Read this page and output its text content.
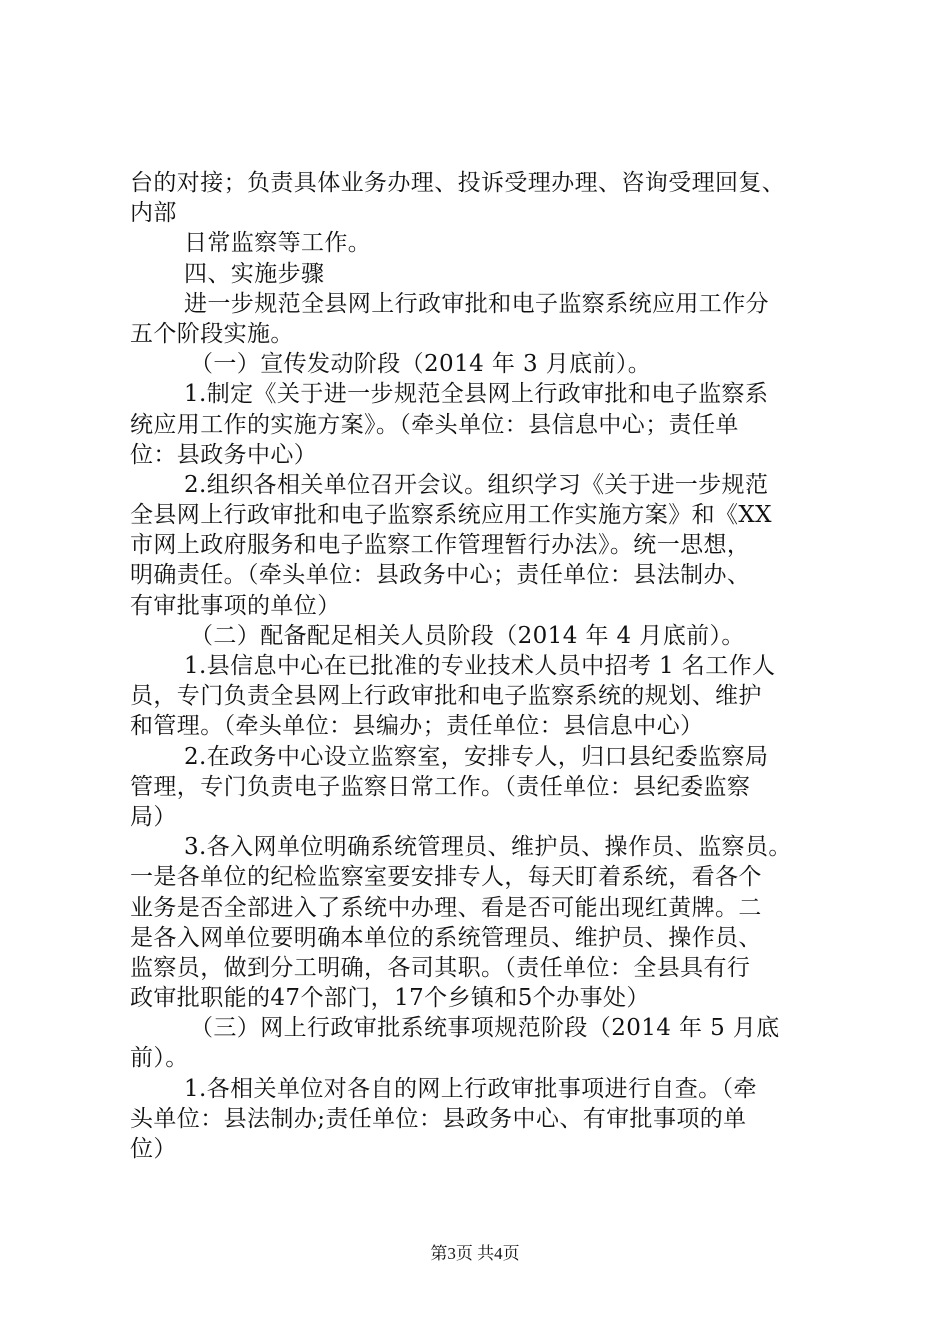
台的对接；负责具体业务办理、投诉受理办理、咨询受理回复、
内部
日常监察等工作。
四、实施步骤
进一步规范全县网上行政审批和电子监察系统应用工作分
五个阶段实施。
（一）宣传发动阶段（2014 年 3 月底前）。
1.制定《关于进一步规范全县网上行政审批和电子监察系
统应用工作的实施方案》。（牵头单位：县信息中心；责任单
位：县政务中心）
2.组织各相关单位召开会议。组织学习《关于进一步规范
全县网上行政审批和电子监察系统应用工作实施方案》和《XX
市网上政府服务和电子监察工作管理暂行办法》。统一思想，
明确责任。（牵头单位：县政务中心；责任单位：县法制办、
有审批事项的单位）
（二）配备配足相关人员阶段（2014 年 4 月底前）。
1.县信息中心在已批准的专业技术人员中招考 1 名工作人
员，专门负责全县网上行政审批和电子监察系统的规划、维护
和管理。（牵头单位：县编办；责任单位：县信息中心）
2.在政务中心设立监察室，安排专人，归口县纪委监察局
管理，专门负责电子监察日常工作。（责任单位：县纪委监察
局）
3.各入网单位明确系统管理员、维护员、操作员、监察员。
一是各单位的纪检监察室要安排专人，每天盯着系统，看各个
业务是否全部进入了系统中办理、看是否可能出现红黄牌。二
是各入网单位要明确本单位的系统管理员、维护员、操作员、
监察员，做到分工明确，各司其职。（责任单位：全县具有行
政审批职能的47个部门，17个乡镇和5个办事处）
（三）网上行政审批系统事项规范阶段（2014 年 5 月底
前）。
1.各相关单位对各自的网上行政审批事项进行自查。（牵
头单位：县法制办;责任单位：县政务中心、有审批事项的单
位）
第3页 共4页
